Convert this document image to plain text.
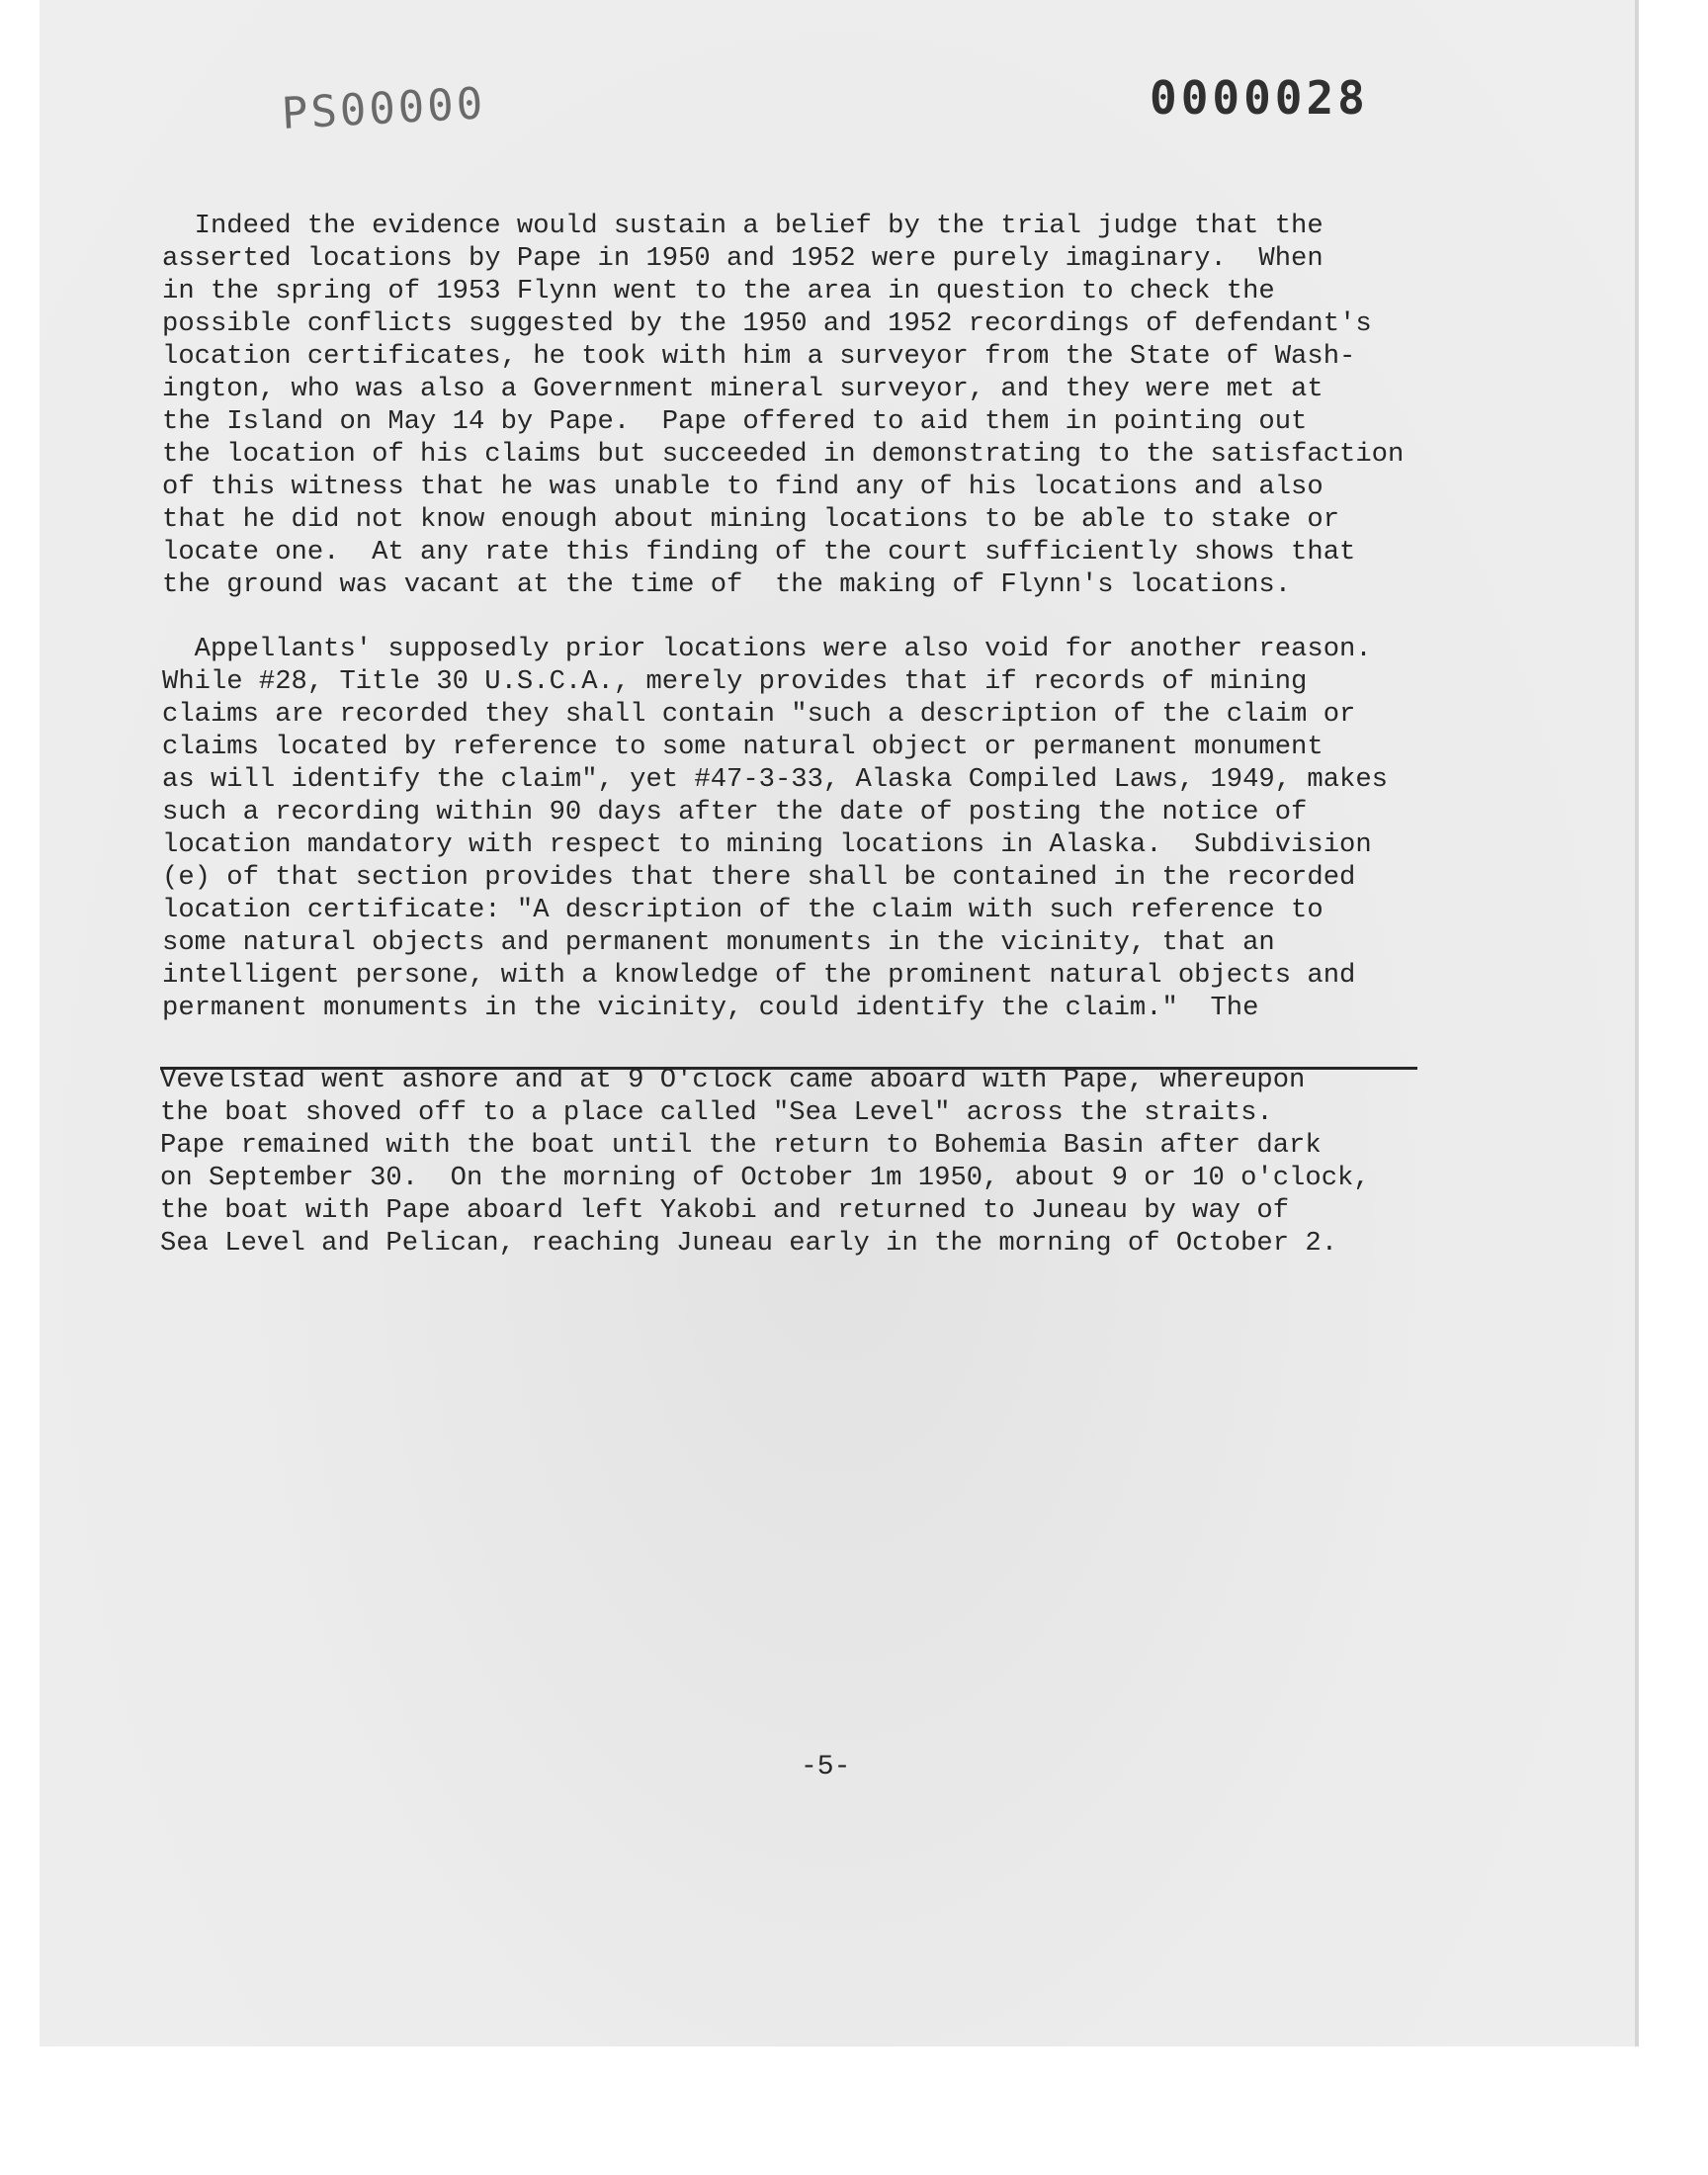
PS00000	0000028
Indeed the evidence would sustain a belief by the trial judge that the
asserted locations by Pape in 1950 and 1952 were purely imaginary.  When
in the spring of 1953 Flynn went to the area in question to check the
possible conflicts suggested by the 1950 and 1952 recordings of defendant's
location certificates, he took with him a surveyor from the State of Wash-
ington, who was also a Government mineral surveyor, and they were met at
the Island on May 14 by Pape.  Pape offered to aid them in pointing out
the location of his claims but succeeded in demonstrating to the satisfaction
of this witness that he was unable to find any of his locations and also
that he did not know enough about mining locations to be able to stake or
locate one.  At any rate this finding of the court sufficiently shows that
the ground was vacant at the time of  the making of Flynn's locations.
Appellants' supposedly prior locations were also void for another reason.
While #28, Title 30 U.S.C.A., merely provides that if records of mining
claims are recorded they shall contain "such a description of the claim or
claims located by reference to some natural object or permanent monument
as will identify the claim", yet #47-3-33, Alaska Compiled Laws, 1949, makes
such a recording within 90 days after the date of posting the notice of
location mandatory with respect to mining locations in Alaska.  Subdivision
(e) of that section provides that there shall be contained in the recorded
location certificate: "A description of the claim with such reference to
some natural objects and permanent monuments in the vicinity, that an
intelligent persone, with a knowledge of the prominent natural objects and
permanent monuments in the vicinity, could identify the claim."  The
Vevelstad went ashore and at 9 O'clock came aboard with Pape, whereupon
the boat shoved off to a place called "Sea Level" across the straits.
Pape remained with the boat until the return to Bohemia Basin after dark
on September 30.  On the morning of October 1m 1950, about 9 or 10 o'clock,
the boat with Pape aboard left Yakobi and returned to Juneau by way of
Sea Level and Pelican, reaching Juneau early in the morning of October 2.
-5-
